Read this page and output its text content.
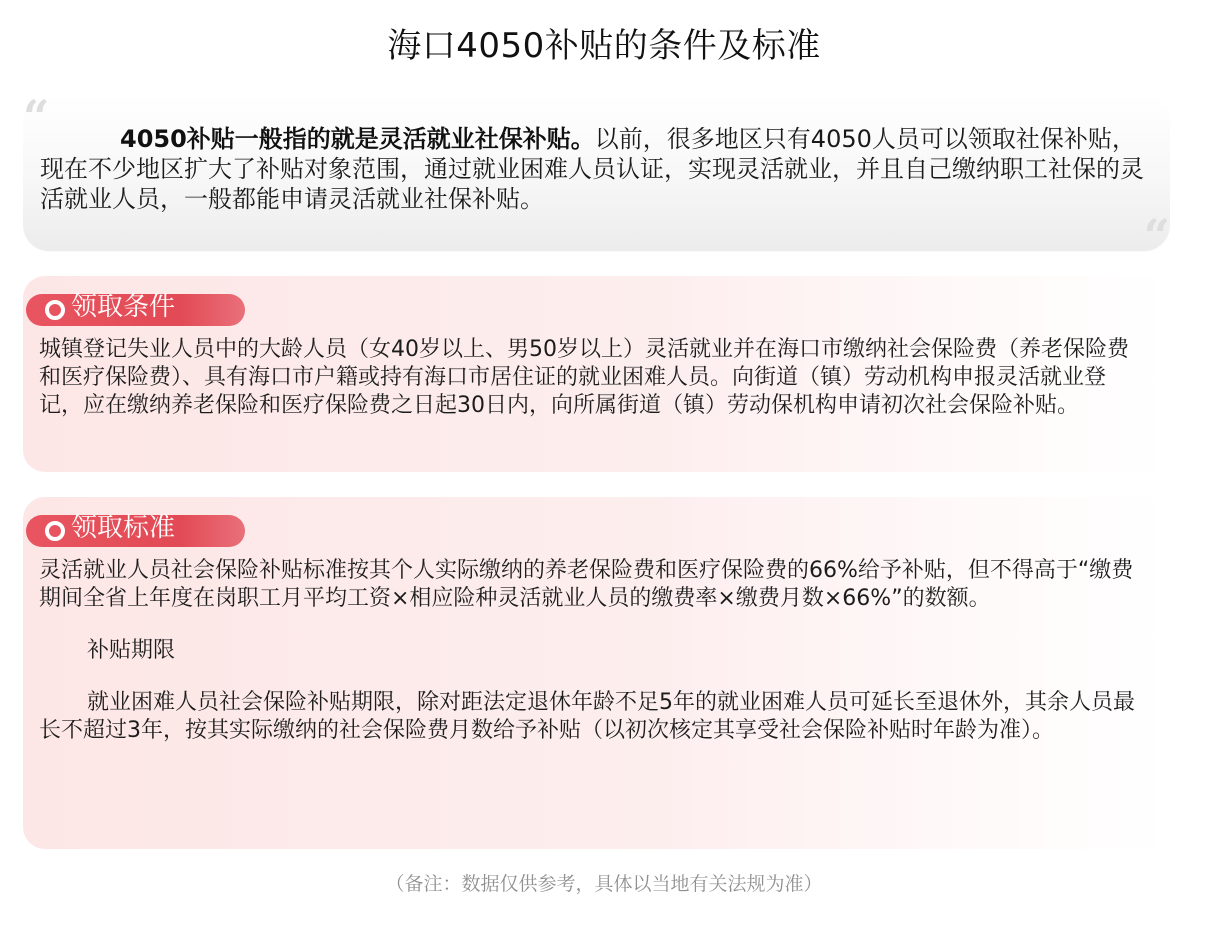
海口4050补贴的条件及标准
“	4050补贴一般指的就是灵活就业社保补贴。以前，很多地区只有4050人员可以领取社保补贴，现在不少地区扩大了补贴对象范围，通过就业困难人员认证，实现灵活就业，并且自己缴纳职工社保的灵活就业人员，一般都能申请灵活就业社保补贴。

“
领取条件

城镇登记失业人员中的大龄人员（女40岁以上、男50岁以上）灵活就业并在海口市缴纳社会保险费（养老保险费和医疗保险费）、具有海口市户籍或持有海口市居住证的就业困难人员。向街道（镇）劳动机构申报灵活就业登记，应在缴纳养老保险和医疗保险费之日起30日内，向所属街道（镇）劳动保机构申请初次社会保险补贴。

领取标准

灵活就业人员社会保险补贴标准按其个人实际缴纳的养老保险费和医疗保险费的66%给予补贴，但不得高于“缴费期间全省上年度在岗职工月平均工资×相应险种灵活就业人员的缴费率×缴费月数×66%”的数额。

补贴期限

就业困难人员社会保险补贴期限，除对距法定退休年龄不足5年的就业困难人员可延长至退休外，其余人员最长不超过3年，按其实际缴纳的社会保险费月数给予补贴（以初次核定其享受社会保险补贴时年龄为准）。

（备注：数据仅供参考，具体以当地有关法规为准）
